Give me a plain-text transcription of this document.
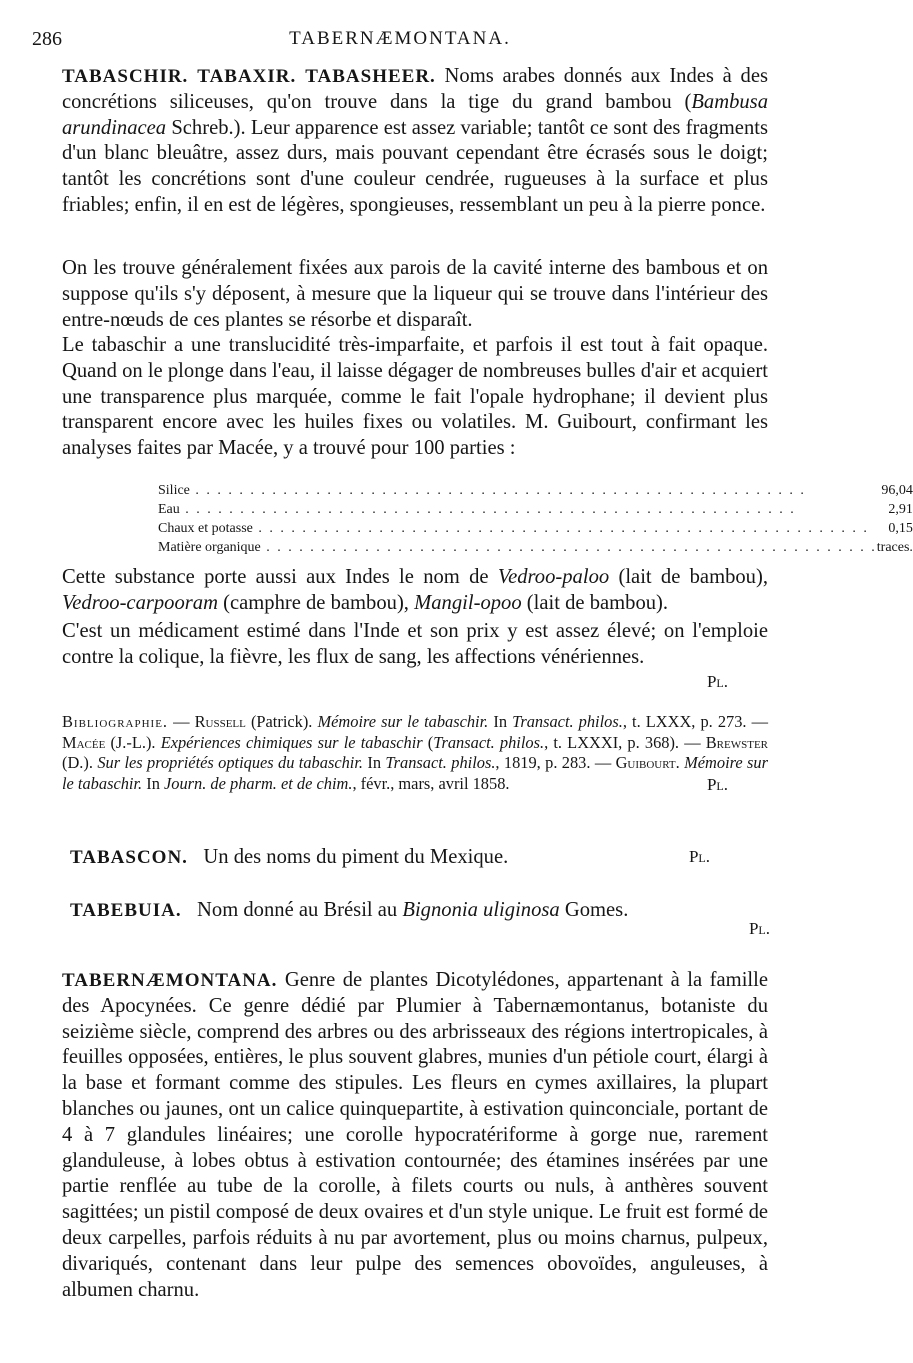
286	TABERNÆMONTANA.

TABASCHIR. TABAXIR. TABASHEER. Noms arabes donnés aux Indes à des concrétions siliceuses, qu'on trouve dans la tige du grand bambou (Bambusa arundinacea Schreb.). Leur apparence est assez variable; tantôt ce sont des fragments d'un blanc bleuâtre, assez durs, mais pouvant cependant être écrasés sous le doigt; tantôt les concrétions sont d'une couleur cendrée, rugueuses à la surface et plus friables; enfin, il en est de légères, spongieuses, ressemblant un peu à la pierre ponce.

On les trouve généralement fixées aux parois de la cavité interne des bambous et on suppose qu'ils s'y déposent, à mesure que la liqueur qui se trouve dans l'intérieur des entre-nœuds de ces plantes se résorbe et disparaît.

Le tabaschir a une translucidité très-imparfaite, et parfois il est tout à fait opaque. Quand on le plonge dans l'eau, il laisse dégager de nombreuses bulles d'air et acquiert une transparence plus marquée, comme le fait l'opale hydrophane; il devient plus transparent encore avec les huiles fixes ou volatiles. M. Guibourt, confirmant les analyses faites par Macée, y a trouvé pour 100 parties :

Silice . . .	96,04
Eau . . .	2,91
Chaux et potasse . . .	0,15
Matière organique . . .	traces.

Cette substance porte aussi aux Indes le nom de Vedroo-paloo (lait de bambou), Vedroo-carpooram (camphre de bambou), Mangil-opoo (lait de bambou).

C'est un médicament estimé dans l'Inde et son prix y est assez élevé; on l'emploie contre la colique, la fièvre, les flux de sang, les affections vénériennes.
Pl.

Bibliographie. — Russell (Patrick). Mémoire sur le tabaschir. In Transact. philos., t. LXXX, p. 273. — Macée (J.-L.). Expériences chimiques sur le tabaschir (Transact. philos., t. LXXXI, p. 368). — Brewster (D.). Sur les propriétés optiques du tabaschir. In Transact. philos., 1819, p. 283. — Guibourt. Mémoire sur le tabaschir. In Journ. de pharm. et de chim., févr., mars, avril 1858.	Pl.

TABASCON. Un des noms du piment du Mexique.	Pl.

TABEBUIA. Nom donné au Brésil au Bignonia uliginosa Gomes.

Pl.

TABERNÆMONTANA. Genre de plantes Dicotylédones, appartenant à la famille des Apocynées. Ce genre dédié par Plumier à Tabernæmontanus, botaniste du seizième siècle, comprend des arbres ou des arbrisseaux des régions intertropicales, à feuilles opposées, entières, le plus souvent glabres, munies d'un pétiole court, élargi à la base et formant comme des stipules. Les fleurs en cymes axillaires, la plupart blanches ou jaunes, ont un calice quinquepartite, à estivation quinconciale, portant de 4 à 7 glandules linéaires; une corolle hypocratériforme à gorge nue, rarement glanduleuse, à lobes obtus à estivation contournée; des étamines insérées par une partie renflée au tube de la corolle, à filets courts ou nuls, à anthères souvent sagittées; un pistil composé de deux ovaires et d'un style unique. Le fruit est formé de deux carpelles, parfois réduits à nu par avortement, plus ou moins charnus, pulpeux, divariqués, contenant dans leur pulpe des semences obovoïdes, anguleuses, à albumen charnu.
